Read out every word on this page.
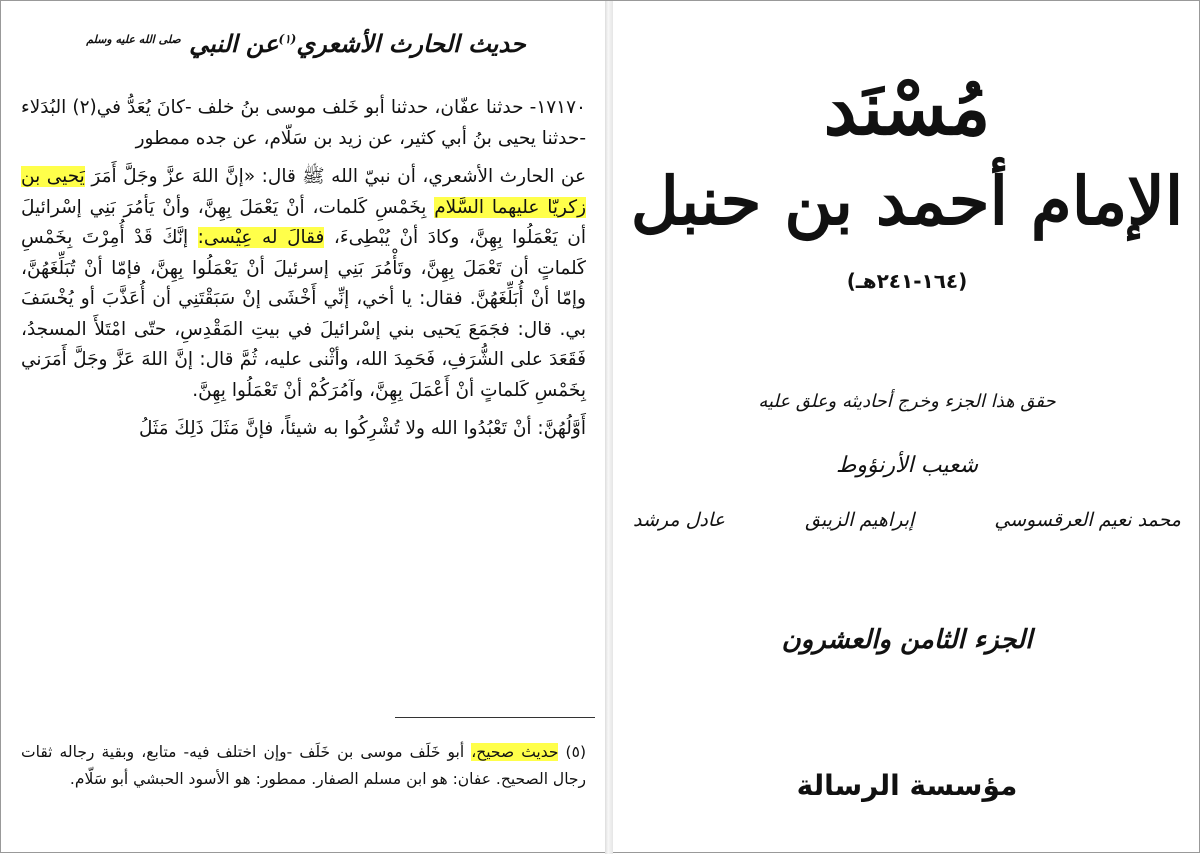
حديث الحارث الأشعري$^{(١)}$عن النبي $^{صلى الله عليه وسلم}$

١٧١٧٠- حدثنا عفّان، حدثنا أبو خَلف موسى بنُ خلف -كانَ يُعَدُّ في(٢) البُدَلاء -حدثنا يحيى بنُ أبي كثير، عن زيد بن سَلّام، عن جده ممطور

عن الحارث الأشعري، أن نبيّ الله ﷺ قال: «إنَّ اللهَ عزَّ وجَلَّ أَمَرَ يَحيى بن زكريّا عليهما السَّلام بِخَمْسِ كَلمات، أنْ يَعْمَلَ بِهِنَّ، وأنْ يَأمُرَ بَنِي إسْرائيلَ أن يَعْمَلُوا بِهِنَّ، وكادَ أنْ يُبْطِىءَ، فقالَ له عِيْسى: إنَّكَ قَدْ أُمِرْتَ بِخَمْسِ كَلماتٍ أن تَعْمَلَ بِهِنَّ، وتَأْمُرَ بَنِي إسرئيلَ أنْ يَعْمَلُوا بِهِنَّ، فإمّا أنْ تُبَلِّغَهُنَّ، وإمّا أنْ أُبَلِّغَهُنَّ. فقال: يا أخي، إنِّي أَخْشَى إنْ سَبَقْتَنِي أن أُعَذَّبَ أو يُخْسَفَ بي. قال: فجَمَعَ يَحيى بني إسْرائيلَ في بيتِ المَقْدِسِ، حتّى امْتَلأَ المسجدُ، فَقَعَدَ على الشُّرَفِ، فَحَمِدَ الله، وأثْنى عليه، ثُمَّ قال: إنَّ اللهَ عَزَّ وجَلَّ أَمَرَني بِخَمْسِ كَلماتٍ أنْ أَعْمَلَ بِهِنَّ، وآمُرَكُمْ أنْ تَعْمَلُوا بِهِنَّ.

أَوَّلُهُنَّ: أنْ تَعْبُدُوا الله ولا تُشْرِكُوا به شيئاً، فإنَّ مَثَلَ ذَلِكَ مَثَلُ

(٥) حديث صحيح، أبو خَلَف موسى بن خَلَف -وإن اختلف فيه- متابع، وبقية رجاله ثقات رجال الصحيح. عفان: هو ابن مسلم الصفار. ممطور: هو الأسود الحبشي أبو سَلّام.
مُسْنَد
الإمام أحمد بن حنبل
(١٦٤-٢٤١هـ)
حقق هذا الجزء وخرج أحاديثه وعلق عليه
شعيب الأرنؤوط
محمد نعيم العرقسوسي
إبراهيم الزيبق
عادل مرشد
الجزء الثامن والعشرون
مؤسسة الرسالة
